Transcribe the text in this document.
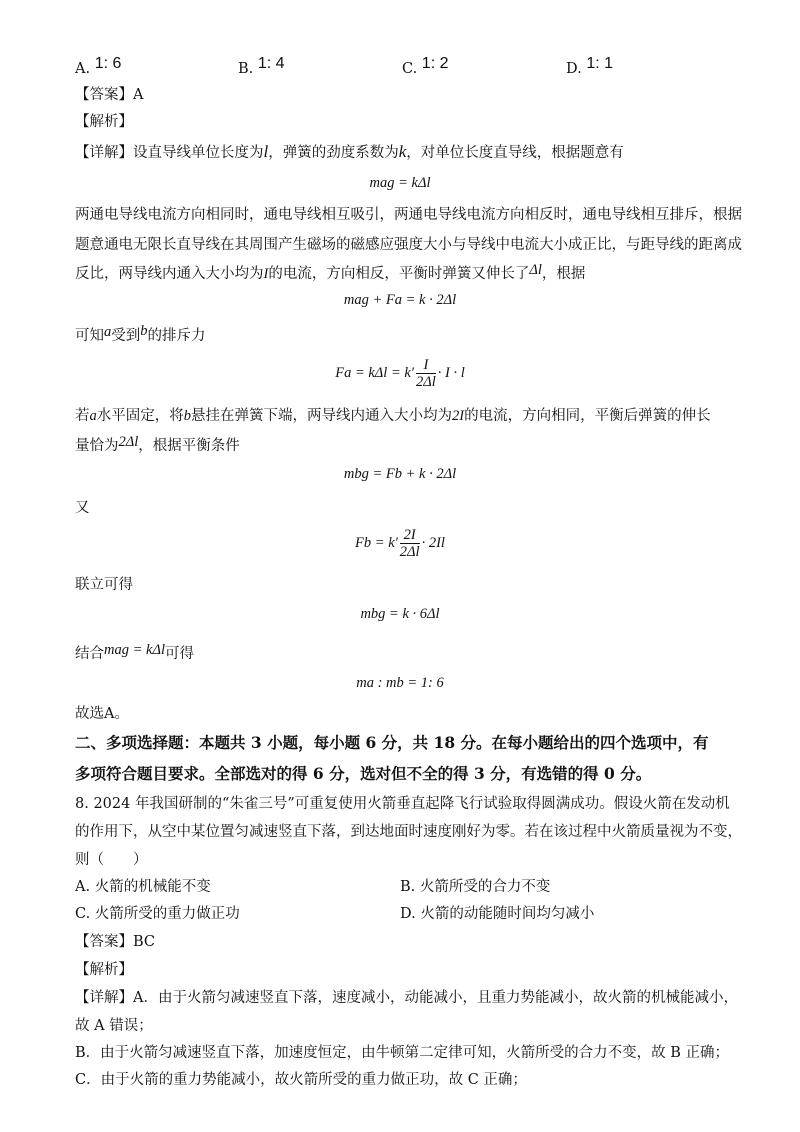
A. 1: 6	B. 1: 4	C. 1: 2	D. 1: 1
【答案】A
【解析】
【详解】设直导线单位长度为l，弹簧的劲度系数为k，对单位长度直导线，根据题意有
mag = kΔl
两通电导线电流方向相同时，通电导线相互吸引，两通电导线电流方向相反时，通电导线相互排斥，根据
题意通电无限长直导线在其周围产生磁场的磁感应强度大小与导线中电流大小成正比，与距导线的距离成
反比，两导线内通入大小均为I的电流，方向相反，平衡时弹簧又伸长了Δl，根据
mag + Fa = k · 2Δl
可知a受到b的排斥力
$Fa = k\Delta l = k' \frac{I}{2\Delta l} \cdot I \cdot l$
若a水平固定，将b悬挂在弹簧下端，两导线内通入大小均为2I的电流，方向相同，平衡后弹簧的伸长
量恰为2Δl，根据平衡条件
mbg = Fb + k · 2Δl
又
$Fb = k' \frac{2I}{2\Delta l} \cdot 2Il$
联立可得
mbg = k · 6Δl
结合mag = kΔl可得
ma : mb = 1: 6
故选A。
二、多项选择题：本题共 3 小题，每小题 6 分，共 18 分。在每小题给出的四个选项中，有
多项符合题目要求。全部选对的得 6 分，选对但不全的得 3 分，有选错的得 0 分。
8. 2024 年我国研制的“朱雀三号”可重复使用火箭垂直起降飞行试验取得圆满成功。假设火箭在发动机
的作用下，从空中某位置匀减速竖直下落，到达地面时速度刚好为零。若在该过程中火箭质量视为不变，
则（　　）
A. 火箭的机械能不变	B. 火箭所受的合力不变
C. 火箭所受的重力做正功	D. 火箭的动能随时间均匀减小
【答案】BC
【解析】
【详解】A．由于火箭匀减速竖直下落，速度减小，动能减小，且重力势能减小，故火箭的机械能减小，
故 A 错误；
B．由于火箭匀减速竖直下落，加速度恒定，由牛顿第二定律可知，火箭所受的合力不变，故 B 正确；
C．由于火箭的重力势能减小，故火箭所受的重力做正功，故 C 正确；
